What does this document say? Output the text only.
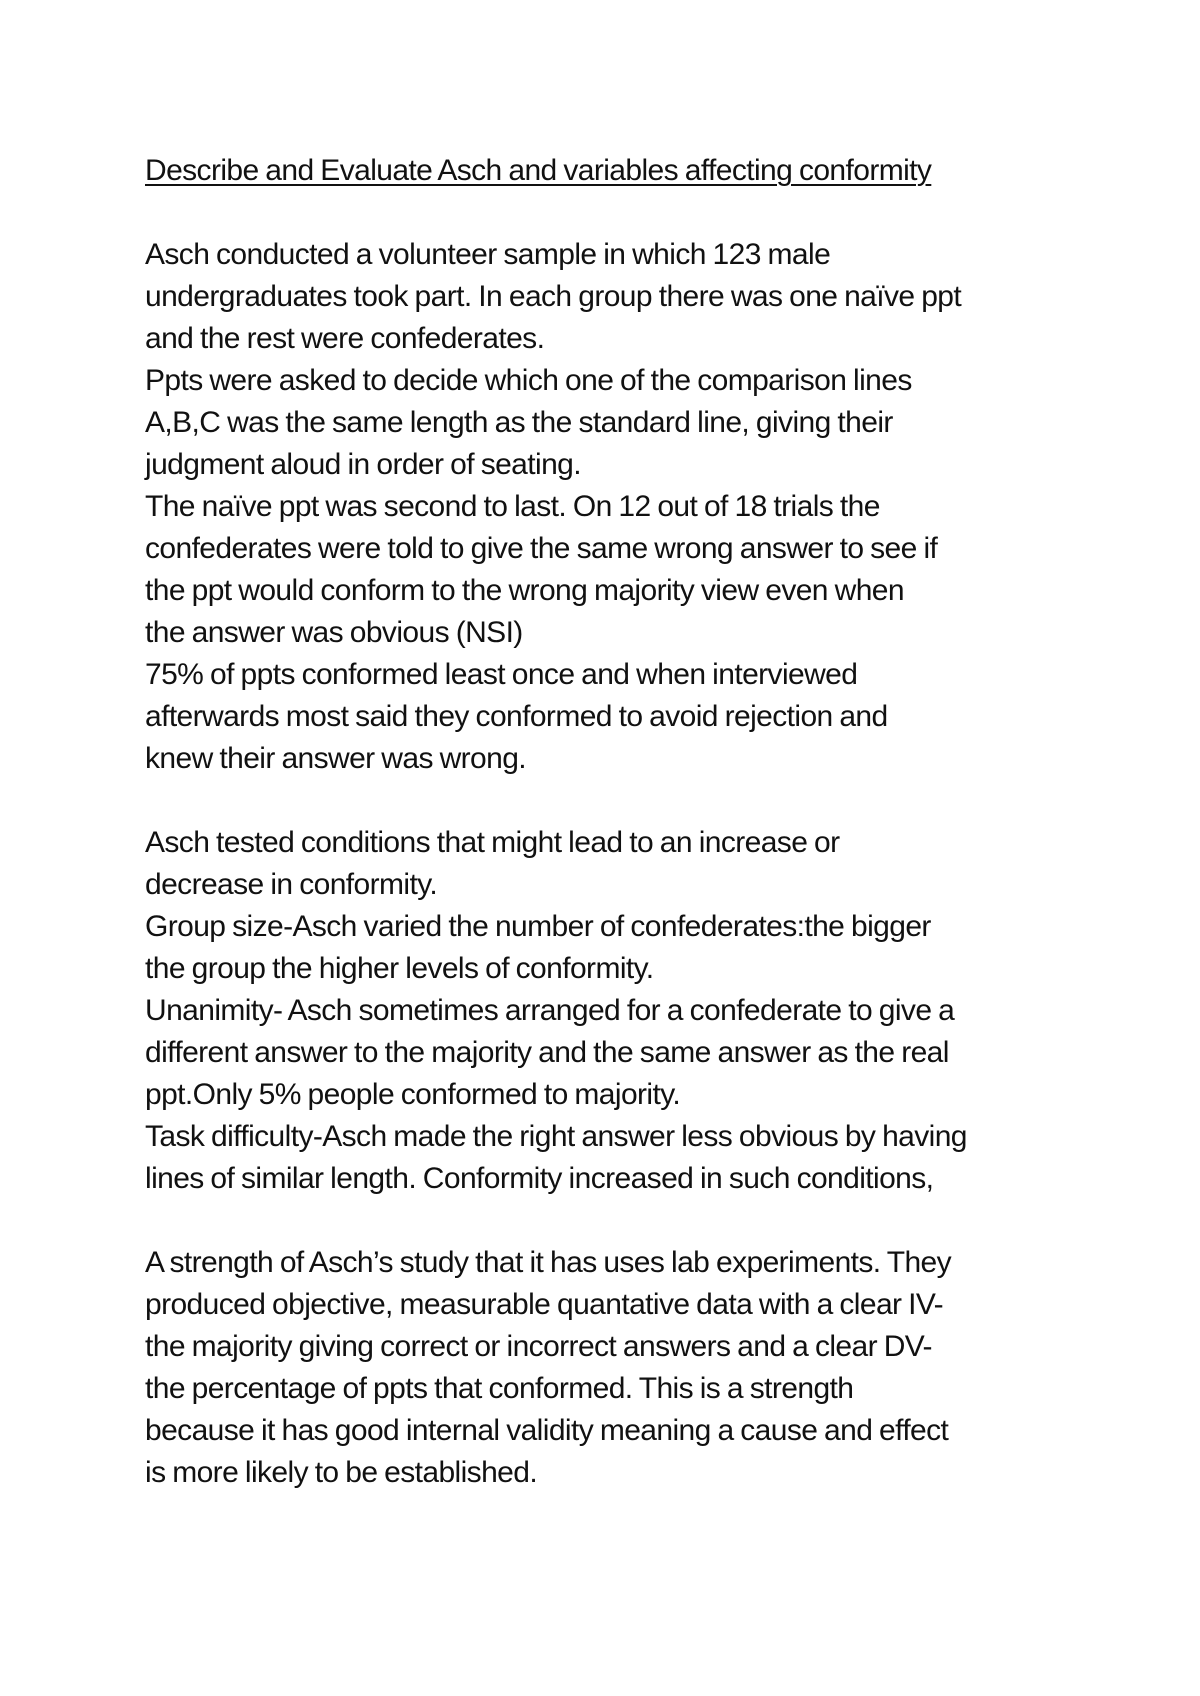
Describe and Evaluate Asch and variables affecting conformity
Asch conducted a volunteer sample in which 123 male
undergraduates took part. In each group there was one naïve ppt
and the rest were confederates.
Ppts were asked to decide which one of the comparison lines
A,B,C was the same length as the standard line, giving their
judgment aloud in order of seating.
The naïve ppt was second to last. On 12 out of 18 trials the
confederates were told to give the same wrong answer to see if
the ppt would conform to the wrong majority view even when
the answer was obvious (NSI)
75% of ppts conformed least once and when interviewed
afterwards most said they conformed to avoid rejection and
knew their answer was wrong.
Asch tested conditions that might lead to an increase or
decrease in conformity.
Group size-Asch varied the number of confederates:the bigger
the group the higher levels of conformity.
Unanimity- Asch sometimes arranged for a confederate to give a
different answer to the majority and the same answer as the real
ppt.Only 5% people conformed to majority.
Task difficulty-Asch made the right answer less obvious by having
lines of similar length. Conformity increased in such conditions,
A strength of Asch’s study that it has uses lab experiments. They
produced objective, measurable quantative data with a clear IV-
the majority giving correct or incorrect answers and a clear DV-
the percentage of ppts that conformed. This is a strength
because it has good internal validity meaning a cause and effect
is more likely to be established.
